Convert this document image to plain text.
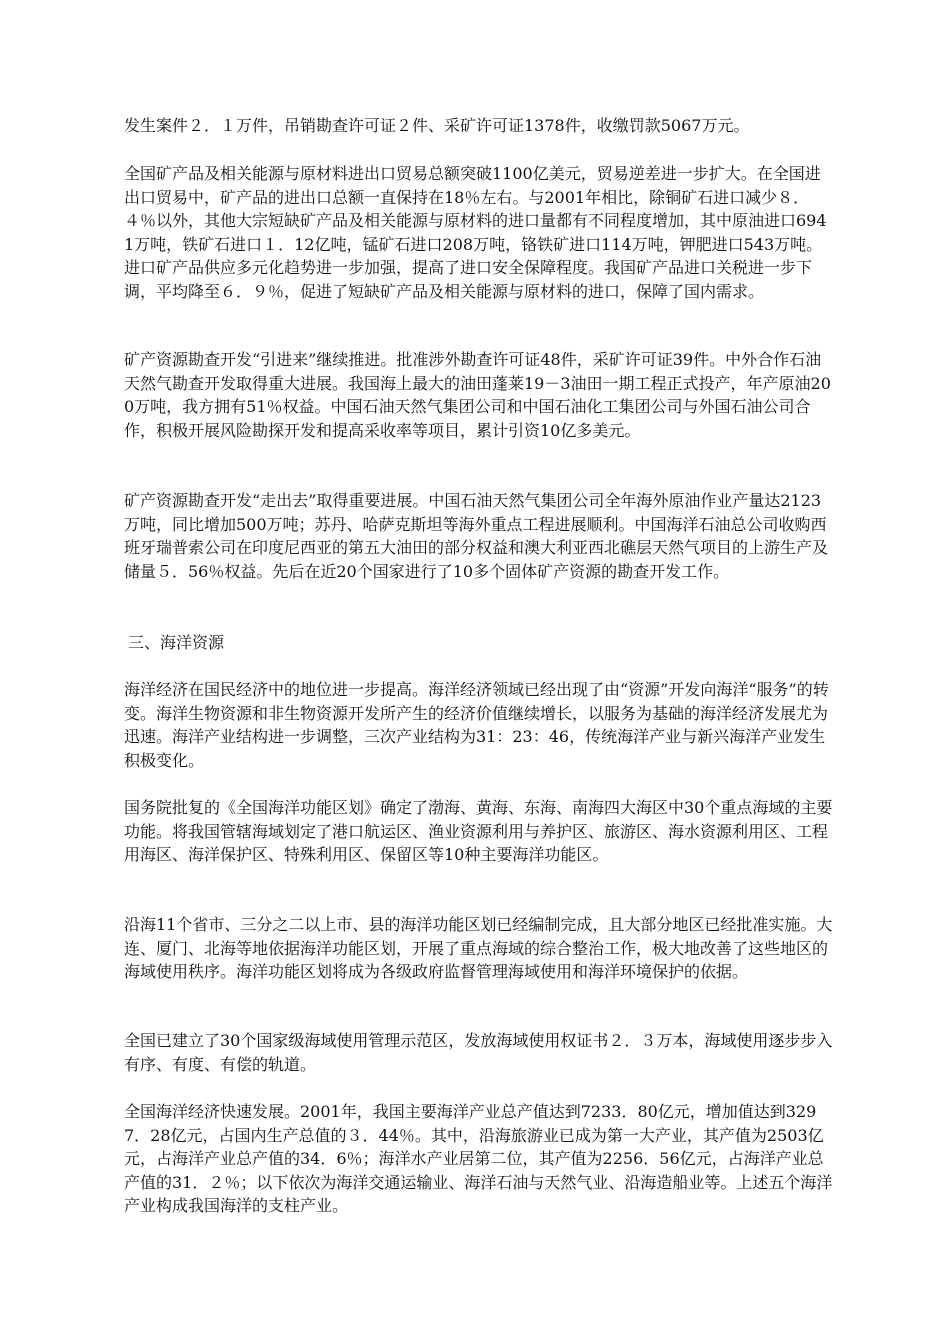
发生案件２．１万件，吊销勘查许可证２件、采矿许可证1378件，收缴罚款5067万元。

全国矿产品及相关能源与原材料进出口贸易总额突破1100亿美元，贸易逆差进一步扩大。在全国进出口贸易中，矿产品的进出口总额一直保持在18％左右。与2001年相比，除铜矿石进口减少８．４％以外，其他大宗短缺矿产品及相关能源与原材料的进口量都有不同程度增加，其中原油进口6941万吨，铁矿石进口１．12亿吨，锰矿石进口208万吨，铬铁矿进口114万吨，钾肥进口543万吨。进口矿产品供应多元化趋势进一步加强，提高了进口安全保障程度。我国矿产品进口关税进一步下调，平均降至６．９％，促进了短缺矿产品及相关能源与原材料的进口，保障了国内需求。

矿产资源勘查开发“引进来”继续推进。批准涉外勘查许可证48件，采矿许可证39件。中外合作石油天然气勘查开发取得重大进展。我国海上最大的油田蓬莱19－3油田一期工程正式投产，年产原油200万吨，我方拥有51％权益。中国石油天然气集团公司和中国石油化工集团公司与外国石油公司合作，积极开展风险勘探开发和提高采收率等项目，累计引资10亿多美元。

矿产资源勘查开发“走出去”取得重要进展。中国石油天然气集团公司全年海外原油作业产量达2123万吨，同比增加500万吨；苏丹、哈萨克斯坦等海外重点工程进展顺利。中国海洋石油总公司收购西班牙瑞普索公司在印度尼西亚的第五大油田的部分权益和澳大利亚西北礁层天然气项目的上游生产及储量５．56％权益。先后在近20个国家进行了10多个固体矿产资源的勘查开发工作。

三、海洋资源

海洋经济在国民经济中的地位进一步提高。海洋经济领域已经出现了由“资源”开发向海洋“服务”的转变。海洋生物资源和非生物资源开发所产生的经济价值继续增长，以服务为基础的海洋经济发展尤为迅速。海洋产业结构进一步调整，三次产业结构为31：23：46，传统海洋产业与新兴海洋产业发生积极变化。

国务院批复的《全国海洋功能区划》确定了渤海、黄海、东海、南海四大海区中30个重点海域的主要功能。将我国管辖海域划定了港口航运区、渔业资源利用与养护区、旅游区、海水资源利用区、工程用海区、海洋保护区、特殊利用区、保留区等10种主要海洋功能区。

沿海11个省市、三分之二以上市、县的海洋功能区划已经编制完成，且大部分地区已经批准实施。大连、厦门、北海等地依据海洋功能区划，开展了重点海域的综合整治工作，极大地改善了这些地区的海域使用秩序。海洋功能区划将成为各级政府监督管理海域使用和海洋环境保护的依据。

全国已建立了30个国家级海域使用管理示范区，发放海域使用权证书２．３万本，海域使用逐步步入有序、有度、有偿的轨道。

全国海洋经济快速发展。2001年，我国主要海洋产业总产值达到7233．80亿元，增加值达到3297．28亿元，占国内生产总值的３．44％。其中，沿海旅游业已成为第一大产业，其产值为2503亿元，占海洋产业总产值的34．6％；海洋水产业居第二位，其产值为2256．56亿元，占海洋产业总产值的31．２％；以下依次为海洋交通运输业、海洋石油与天然气业、沿海造船业等。上述五个海洋产业构成我国海洋的支柱产业。
